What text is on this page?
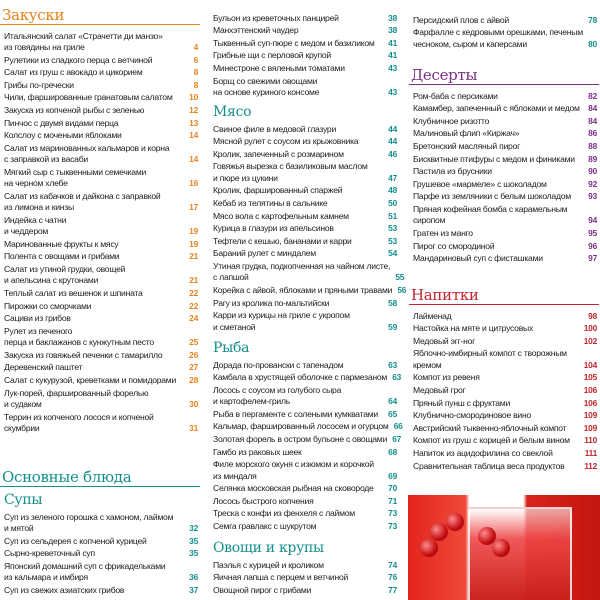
Закуски
Итальянский салат «Страчетти ди манзо»
из говядины на гриле	4
Рулетики из сладкого перца с ветчиной	6
Салат из груш с авокадо и цикорием	8
Грибы по-гречески	8
Чили, фаршированные гранатовым салатом	10
Закуска из копченой рыбы с зеленью	12
Пинчос с двумя видами перца	13
Колслоу с мочеными яблоками	14
Салат из маринованных кальмаров и корна
с заправкой из васаби	14
Мягкий сыр с тыквенными семечками
на черном хлебе	16
Салат из кабачков и дайкона с заправкой
из лимона и кинзы	17
Индейка с чатни
и чеддером	19
Маринованные фрукты к мясу	19
Полента с овощами и грибами	21
Салат из утиной грудки, овощей
и апельсина с крутонами	21
Теплый салат из вешенок и шпината	22
Пирожки со сморчками	22
Сациви из грибов	24
Рулет из печеного
перца и баклажанов с кунжутным песто	25
Закуска из говяжьей печенки с тамарилло	26
Деревенский паштет	27
Салат с кукурузой, креветками и помидорами	28
Лук-порей, фаршированный форелью
и судаком	30
Террин из копченого лосося и копченой
скумбрии	31
Основные блюда
Супы
Суп из зеленого горошка с хамоном, лаймом
и мятой	32
Суп из сельдерея с копченой курицей	35
Сырно-креветочный суп	35
Японский домашний суп с фрикадельками
из кальмара и имбиря	36
Суп из свежих азиатских грибов	37
Бульон из креветочных панцирей	38
Манхэттенский чаудер	38
Тыквенный суп-пюре с медом и базиликом	41
Грибные щи с перловой крупой	41
Минестроне с вялеными томатами	43
Борщ со свежими овощами
на основе куриного консоме	43
Мясо
Свиное филе в медовой глазури	44
Мясной рулет с соусом из крыжовника	44
Кролик, запеченный с розмарином	46
Говяжья вырезка с базиликовым маслом
и пюре из цукини	47
Кролик, фаршированный спаржей	48
Кебаб из телятины в сальнике	50
Мясо вола с картофельным камнем	51
Курица в глазури из апельсинов	53
Тефтели с кешью, бананами и карри	53
Бараний рулет с миндалем	54
Утиная грудка, подкопченная на чайном листе,
с лапшой	55
Корейка с айвой, яблоками и пряными травами 56
Рагу из кролика по-мальтийски	58
Карри из курицы на гриле с укропом
и сметаной	59
Рыба
Дорада по-провански с тапенадом	63
Камбала в хрустящей оболочке с пармезаном 63
Лосось с соусом из голубого сыра
и картофелем-гриль	64
Рыба в пергаменте с солеными кумкватами	65
Кальмар, фаршированный лососем и огурцом 66
Золотая форель в остром бульоне с овощами 67
Гамбо из раковых шеек	68
Филе морского окуня с изюмом и корочкой
из миндаля	69
Селянка московская рыбная на сковороде	70
Лосось быстрого копчения	71
Треска с конфи из фенхеля с лаймом	73
Семга гравлакс с шукрутом	73
Овощи и крупы
Паэлья с курицей и кроликом	74
Яичная лапша с перцем и ветчиной	76
Овощной пирог с грибами	77
Персидский плов с айвой	78
Фарфалле с кедровыми орешками, печеным
чесноком, сыром и каперсами	80
Десерты
Ром-баба с персиками	82
Камамбер, запеченный с яблоками и медом	84
Клубничное ризотто	84
Малиновый флип «Киржач»	86
Бретонский масляный пирог	88
Бисквитные птифуры с медом и финиками	89
Пастила из брусники	90
Грушевое «мармеле» с шоколадом	92
Парфе из земляники с белым шоколадом	93
Пряная кофейная бомба с карамельным
сиропом	94
Гратен из манго	95
Пирог со смородиной	96
Мандариновый суп с фисташками	97
Напитки
Лайменад	98
Настойка на мяте и цитрусовых	100
Медовый эгг-ног	102
Яблочно-имбирный компот с творожным
кремом	104
Компот из ревеня	105
Медовый грог	106
Пряный пунш с фруктами	106
Клубнично-смородиновое вино	109
Австрийский тыквенно-яблочный компот 109
Компот из груш с корицей и белым вином 110
Напиток из ацидофилина со свеклой	111
Сравнительная таблица веса продуктов 112
